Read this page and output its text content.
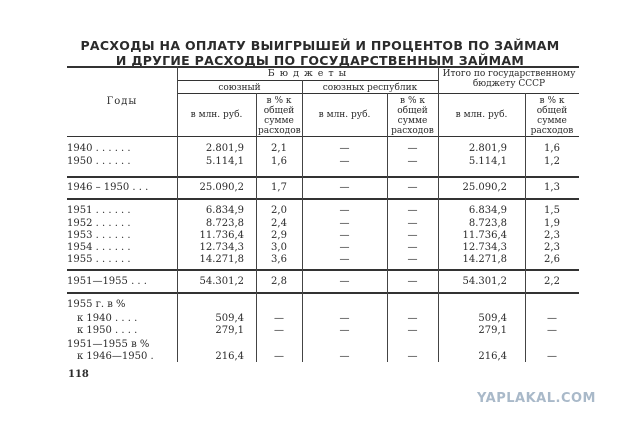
РАСХОДЫ НА ОПЛАТУ ВЫИГРЫШЕЙ И ПРОЦЕНТОВ ПО ЗАЙМАМ
И ДРУГИЕ РАСХОДЫ ПО ГОСУДАРСТВЕННЫМ ЗАЙМАМ
Годы
Б ю д ж е т ы
союзный	союзных республик
Итого по государственному бюджету СССР
в млн. руб.
в % к общей сумме расходов
в млн. руб.
в % к общей сумме расходов
в млн. руб.
в % к общей сумме расходов
1940 . . . . . .	2.801,9	2,1	—	—	2.801,9	1,6
1950 . . . . . .	5.114,1	1,6	—	—	5.114,1	1,2
1946 – 1950 . . .	25.090,2	1,7	—	—	25.090,2	1,3
1951 . . . . . .	6.834,9	2,0	—	—	6.834,9	1,5
1952 . . . . . .	8.723,8	2,4	—	—	8.723,8	1,9
1953 . . . . . .	11.736,4	2,9	—	—	11.736,4	2,3
1954 . . . . . .	12.734,3	3,0	—	—	12.734,3	2,3
1955 . . . . . .	14.271,8	3,6	—	—	14.271,8	2,6
1951—1955 . . .	54.301,2	2,8	—	—	54.301,2	2,2
1955 г. в %
к 1940 . . . .	509,4	—	—	—	509,4	—
к 1950 . . . .	279,1	—	—	—	279,1	—
1951—1955 в %
к 1946—1950 .	216,4	—	—	—	216,4	—
118
YAPLAKAL.COM
